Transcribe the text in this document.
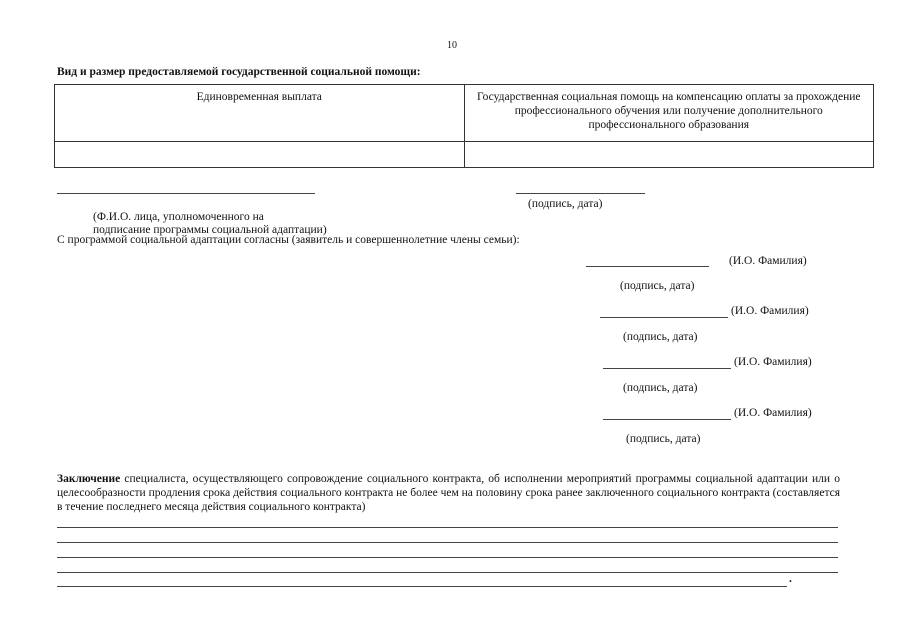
10
Вид и размер предоставляемой государственной социальной помощи:
Единовременная выплата	Государственная социальная помощь на компенсацию оплаты за прохождение профессионального обучения или получение дополнительного профессионального образования

(Ф.И.О. лица, уполномоченного на
подписание программы социальной адаптации)

(подпись, дата)
С программой социальной адаптации согласны (заявитель и совершеннолетние члены семьи):
(И.О. Фамилия)
(подпись, дата)
(И.О. Фамилия)
(подпись, дата)
(И.О. Фамилия)
(подпись, дата)
(И.О. Фамилия)
(подпись, дата)
Заключение специалиста, осуществляющего сопровождение социального контракта, об исполнении мероприятий программы социальной адаптации или о целесообразности продления срока действия социального контракта не более чем на половину срока ранее заключенного социального контракта (составляется в течение последнего месяца действия социального контракта)
.
